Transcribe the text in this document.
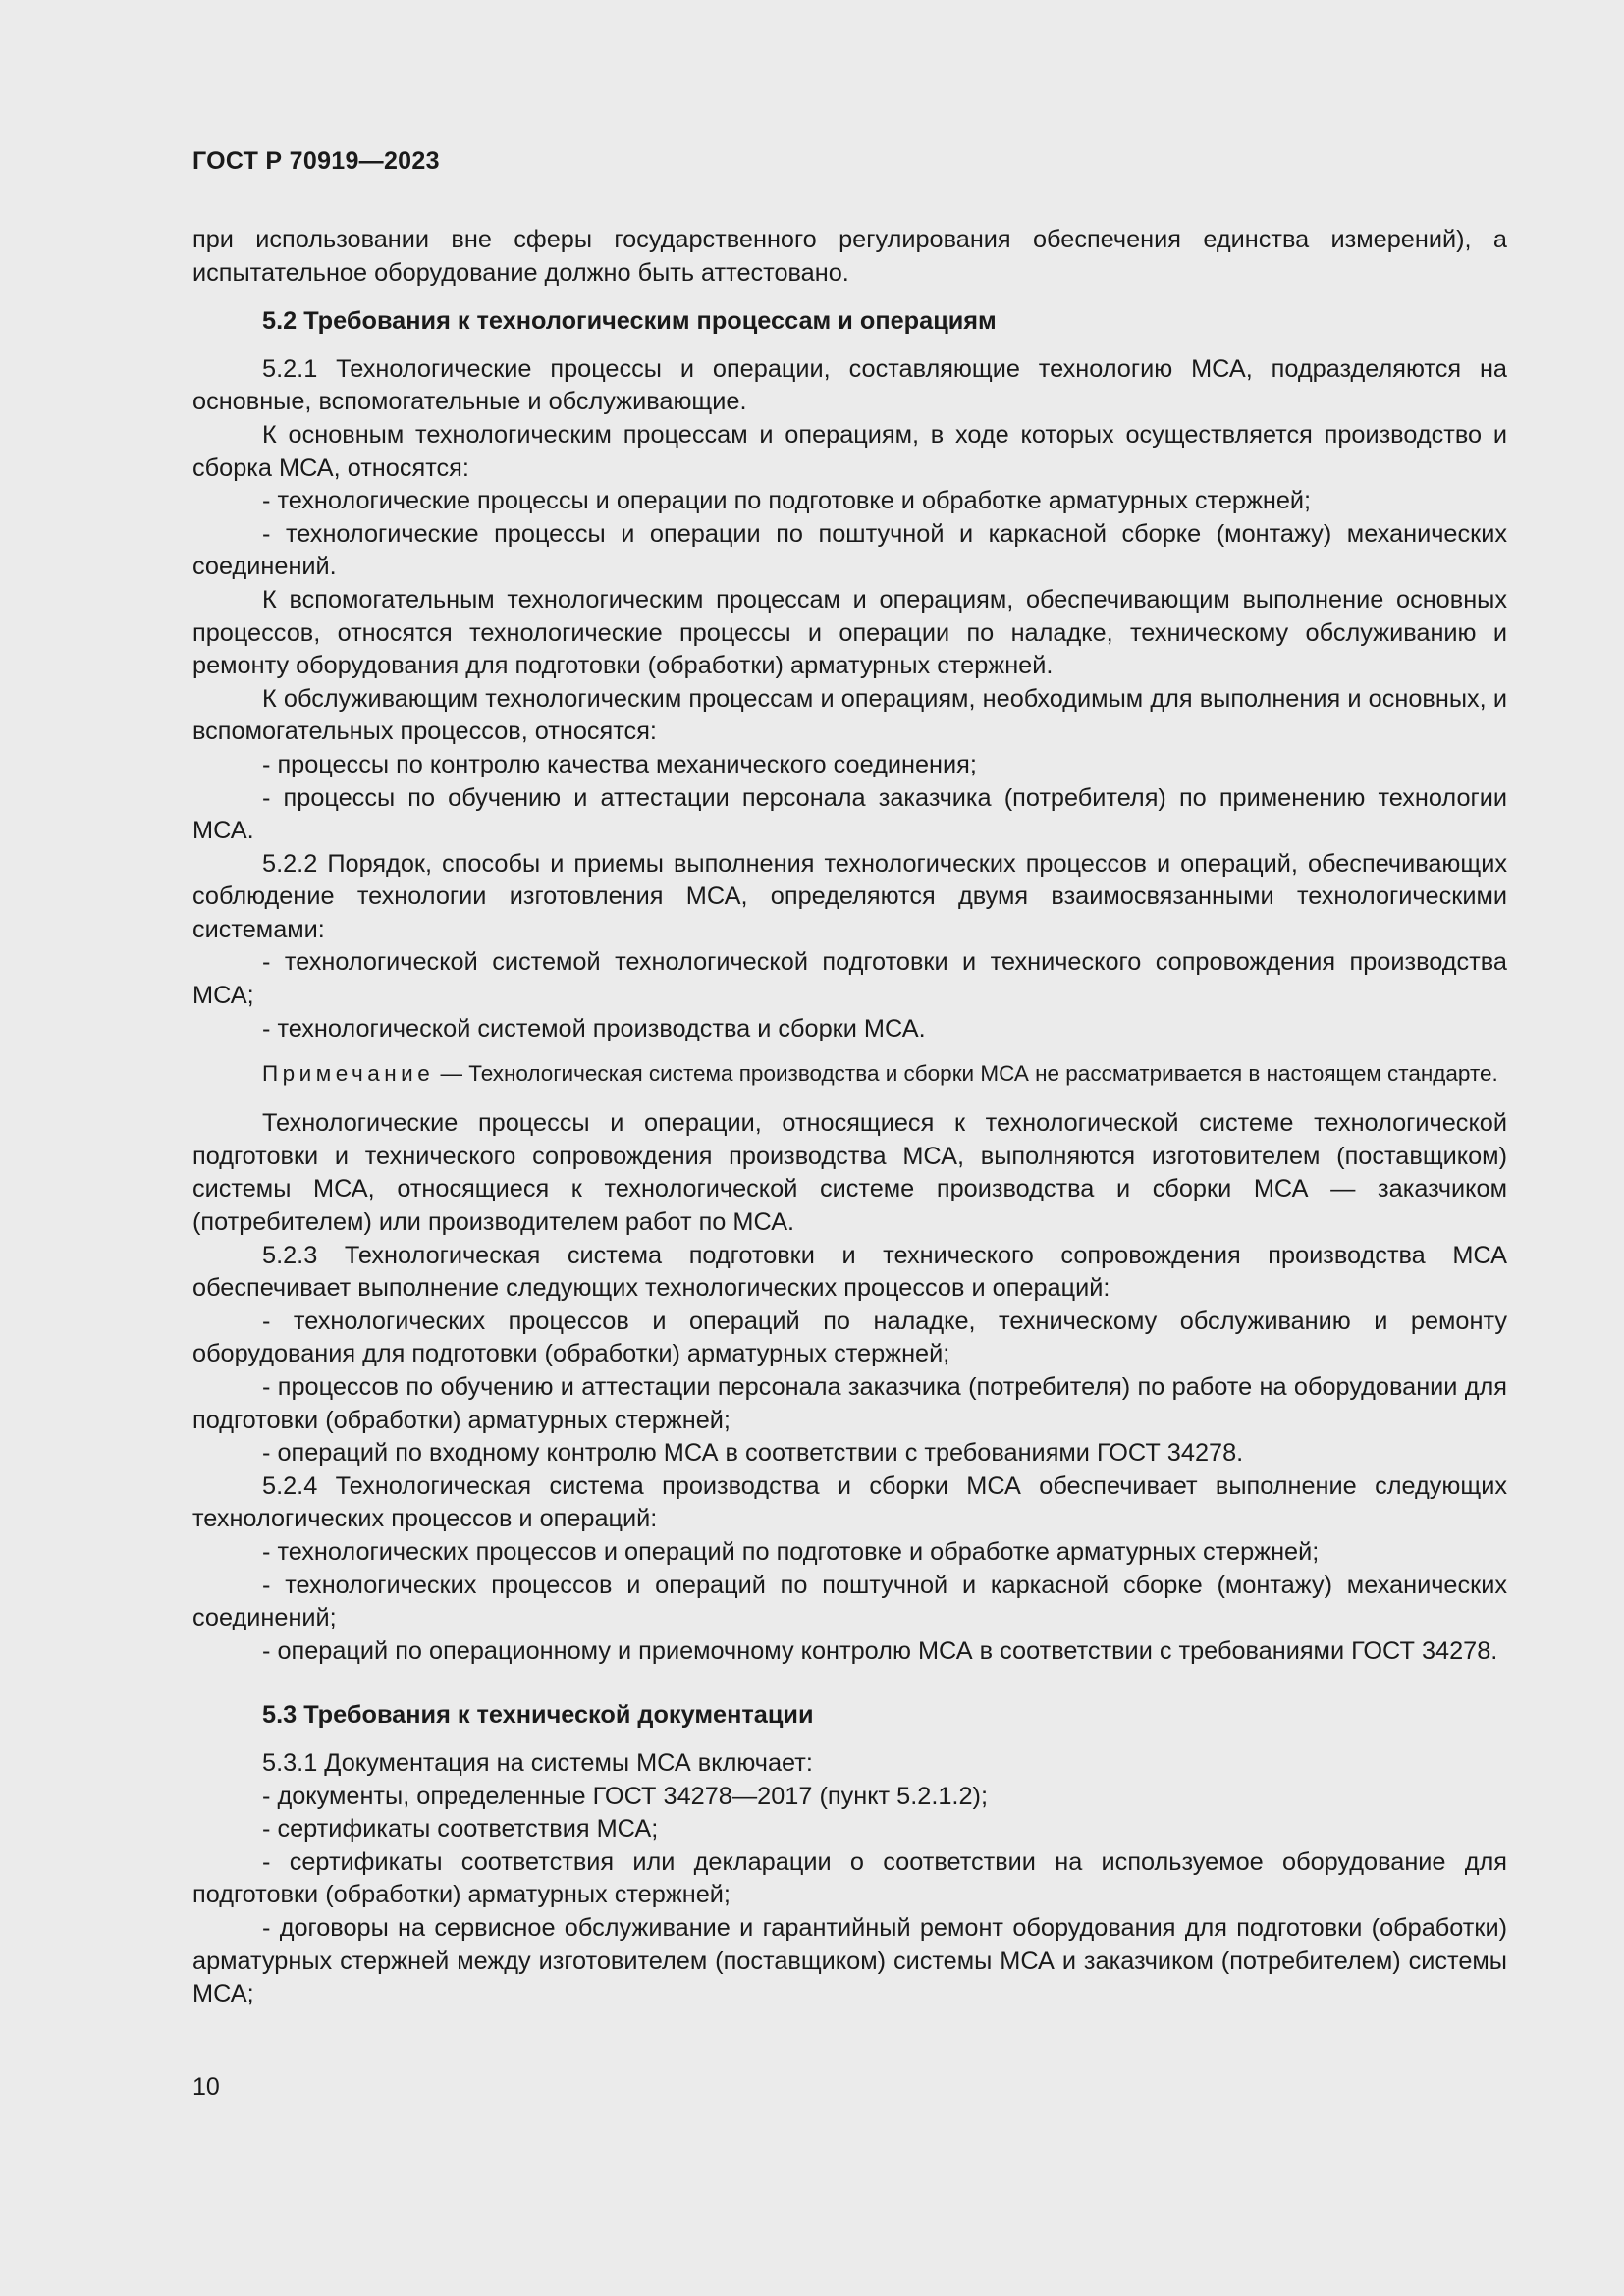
ГОСТ Р 70919—2023

при использовании вне сферы государственного регулирования обеспечения единства измерений), а испытательное оборудование должно быть аттестовано.

5.2 Требования к технологическим процессам и операциям

5.2.1 Технологические процессы и операции, составляющие технологию МСА, подразделяются на основные, вспомогательные и обслуживающие.

К основным технологическим процессам и операциям, в ходе которых осуществляется производство и сборка МСА, относятся:

- технологические процессы и операции по подготовке и обработке арматурных стержней;

- технологические процессы и операции по поштучной и каркасной сборке (монтажу) механических соединений.

К вспомогательным технологическим процессам и операциям, обеспечивающим выполнение основных процессов, относятся технологические процессы и операции по наладке, техническому обслуживанию и ремонту оборудования для подготовки (обработки) арматурных стержней.

К обслуживающим технологическим процессам и операциям, необходимым для выполнения и основных, и вспомогательных процессов, относятся:

- процессы по контролю качества механического соединения;

- процессы по обучению и аттестации персонала заказчика (потребителя) по применению технологии МСА.

5.2.2 Порядок, способы и приемы выполнения технологических процессов и операций, обеспечивающих соблюдение технологии изготовления МСА, определяются двумя взаимосвязанными технологическими системами:

- технологической системой технологической подготовки и технического сопровождения производства МСА;

- технологической системой производства и сборки МСА.

Примечание — Технологическая система производства и сборки МСА не рассматривается в настоящем стандарте.

Технологические процессы и операции, относящиеся к технологической системе технологической подготовки и технического сопровождения производства МСА, выполняются изготовителем (поставщиком) системы МСА, относящиеся к технологической системе производства и сборки МСА — заказчиком (потребителем) или производителем работ по МСА.

5.2.3 Технологическая система подготовки и технического сопровождения производства МСА обеспечивает выполнение следующих технологических процессов и операций:

- технологических процессов и операций по наладке, техническому обслуживанию и ремонту оборудования для подготовки (обработки) арматурных стержней;

- процессов по обучению и аттестации персонала заказчика (потребителя) по работе на оборудовании для подготовки (обработки) арматурных стержней;

- операций по входному контролю МСА в соответствии с требованиями ГОСТ 34278.

5.2.4 Технологическая система производства и сборки МСА обеспечивает выполнение следующих технологических процессов и операций:

- технологических процессов и операций по подготовке и обработке арматурных стержней;

- технологических процессов и операций по поштучной и каркасной сборке (монтажу) механических соединений;

- операций по операционному и приемочному контролю МСА в соответствии с требованиями ГОСТ 34278.

5.3 Требования к технической документации

5.3.1 Документация на системы МСА включает:

- документы, определенные ГОСТ 34278—2017 (пункт 5.2.1.2);

- сертификаты соответствия МСА;

- сертификаты соответствия или декларации о соответствии на используемое оборудование для подготовки (обработки) арматурных стержней;

- договоры на сервисное обслуживание и гарантийный ремонт оборудования для подготовки (обработки) арматурных стержней между изготовителем (поставщиком) системы МСА и заказчиком (потребителем) системы МСА;

10
